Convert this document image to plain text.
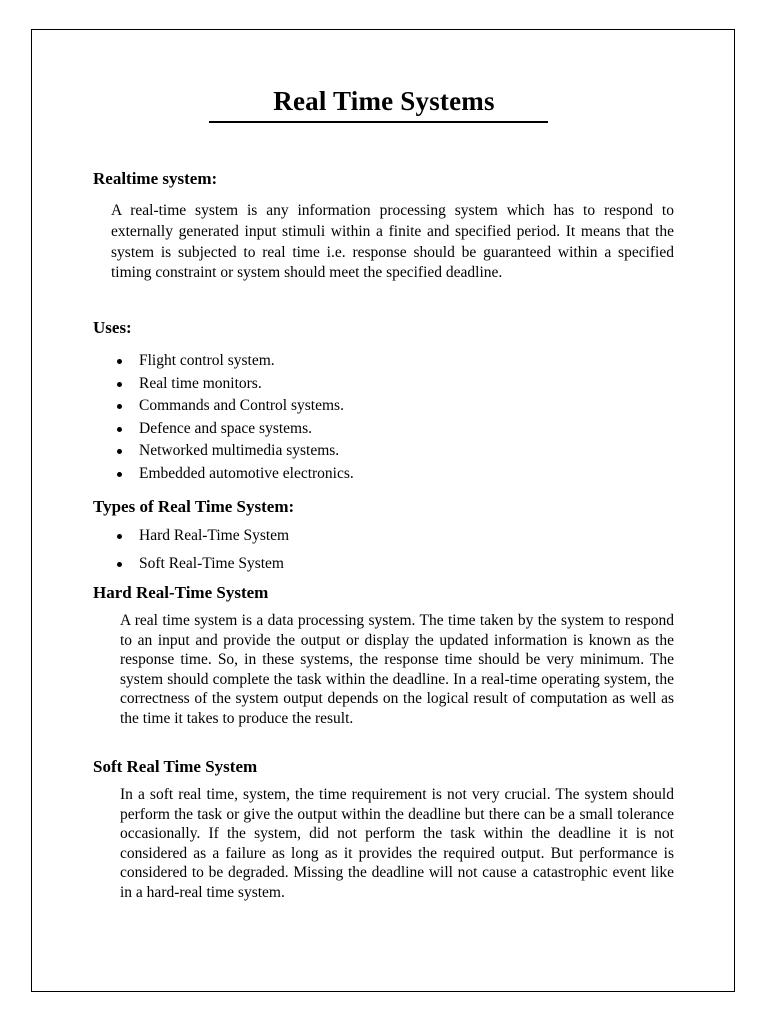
Real Time Systems
Realtime system:

A real-time system is any information processing system which has to respond to externally generated input stimuli within a finite and specified period. It means that the system is subjected to real time i.e. response should be guaranteed within a specified timing constraint or system should meet the specified deadline.

Uses:
Flight control system.
Real time monitors.
Commands and Control systems.
Defence and space systems.
Networked multimedia systems.
Embedded automotive electronics.
Types of Real Time System:
Hard Real-Time System
Soft Real-Time System
Hard Real-Time System

A real time system is a data processing system. The time taken by the system to respond to an input and provide the output or display the updated information is known as the response time. So, in these systems, the response time should be very minimum. The system should complete the task within the deadline. In a real-time operating system, the correctness of the system output depends on the logical result of computation as well as the time it takes to produce the result.

Soft Real Time System

In a soft real time, system, the time requirement is not very crucial. The system should perform the task or give the output within the deadline but there can be a small tolerance occasionally. If the system, did not perform the task within the deadline it is not considered as a failure as long as it provides the required output. But performance is considered to be degraded. Missing the deadline will not cause a catastrophic event like in a hard-real time system.
